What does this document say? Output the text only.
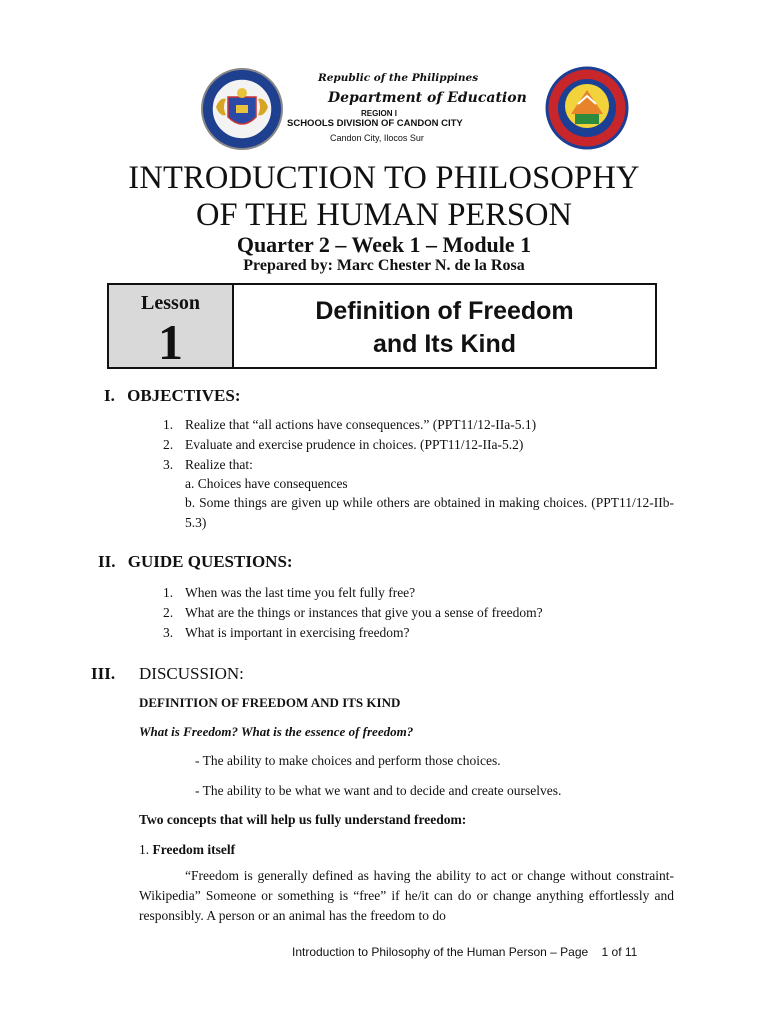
Republic of the Philippines
Department of Education
REGION I
SCHOOLS DIVISION OF CANDON CITY
Candon City, Ilocos Sur
INTRODUCTION TO PHILOSOPHY
OF THE HUMAN PERSON
Quarter 2 – Week 1 – Module 1
Prepared by: Marc Chester N. de la Rosa
Lesson
1
Definition of Freedom
and Its Kind
I. OBJECTIVES:
1. Realize that “all actions have consequences.” (PPT11/12-IIa-5.1)
2. Evaluate and exercise prudence in choices. (PPT11/12-IIa-5.2)
3. Realize that:
a. Choices have consequences
b. Some things are given up while others are obtained in making choices. (PPT11/12-IIb-5.3)
II. GUIDE QUESTIONS:
1. When was the last time you felt fully free?
2. What are the things or instances that give you a sense of freedom?
3. What is important in exercising freedom?
III. DISCUSSION:
DEFINITION OF FREEDOM AND ITS KIND
What is Freedom? What is the essence of freedom?
- The ability to make choices and perform those choices.
- The ability to be what we want and to decide and create ourselves.
Two concepts that will help us fully understand freedom:
1. Freedom itself
“Freedom is generally defined as having the ability to act or change without constraint-Wikipedia” Someone or something is “free” if he/it can do or change anything effortlessly and responsibly. A person or an animal has the freedom to do
Introduction to Philosophy of the Human Person – Page 1 of 11
